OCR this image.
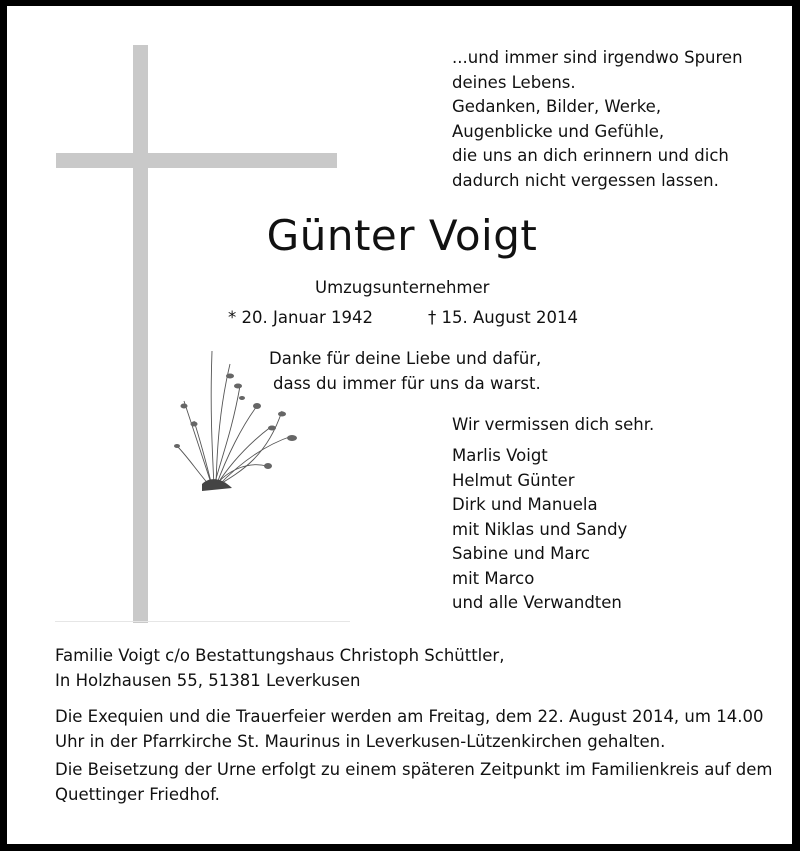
...und immer sind irgendwo Spuren
deines Lebens.
Gedanken, Bilder, Werke,
Augenblicke und Gefühle,
die uns an dich erinnern und dich
dadurch nicht vergessen lassen.
Günter Voigt
Umzugsunternehmer
* 20. Januar 1942	† 15. August 2014
Danke für deine Liebe und dafür,
dass du immer für uns da warst.
Wir vermissen dich sehr.
Marlis Voigt
Helmut Günter
Dirk und Manuela
mit Niklas und Sandy
Sabine und Marc
mit Marco
und alle Verwandten
Familie Voigt c/o Bestattungshaus Christoph Schüttler,
In Holzhausen 55, 51381 Leverkusen
Die Exequien und die Trauerfeier werden am Freitag, dem 22. August 2014, um 14.00
Uhr in der Pfarrkirche St. Maurinus in Leverkusen-Lützenkirchen gehalten.
Die Beisetzung der Urne erfolgt zu einem späteren Zeitpunkt im Familienkreis auf dem
Quettinger Friedhof.
